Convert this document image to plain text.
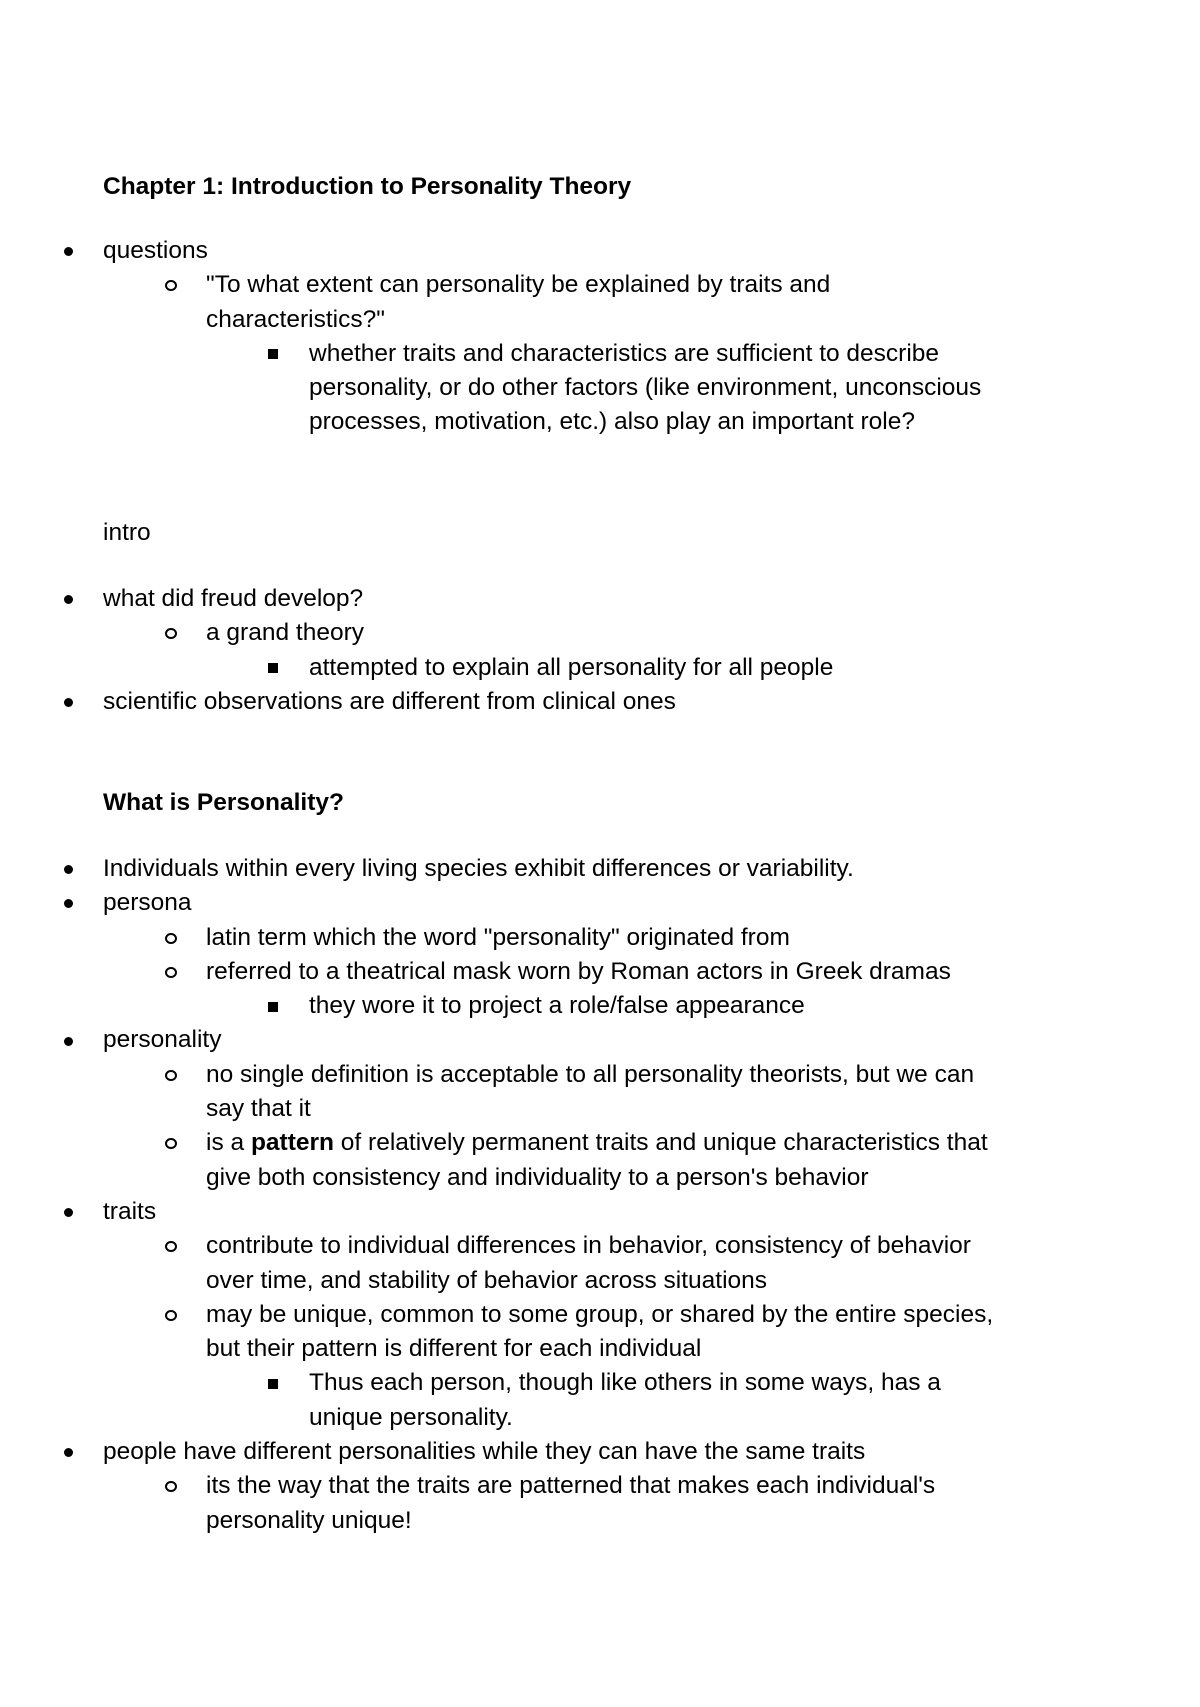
Chapter 1: Introduction to Personality Theory
questions
"To what extent can personality be explained by traits and characteristics?"
whether traits and characteristics are sufficient to describe personality, or do other factors (like environment, unconscious processes, motivation, etc.) also play an important role?
intro
what did freud develop?
a grand theory
attempted to explain all personality for all people
scientific observations are different from clinical ones
What is Personality?
Individuals within every living species exhibit differences or variability.
persona
latin term which the word "personality" originated from
referred to a theatrical mask worn by Roman actors in Greek dramas
they wore it to project a role/false appearance
personality
no single definition is acceptable to all personality theorists, but we can say that it
is a pattern of relatively permanent traits and unique characteristics that give both consistency and individuality to a person's behavior
traits
contribute to individual differences in behavior, consistency of behavior over time, and stability of behavior across situations
may be unique, common to some group, or shared by the entire species, but their pattern is different for each individual
Thus each person, though like others in some ways, has a unique personality.
people have different personalities while they can have the same traits
its the way that the traits are patterned that makes each individual's personality unique!
